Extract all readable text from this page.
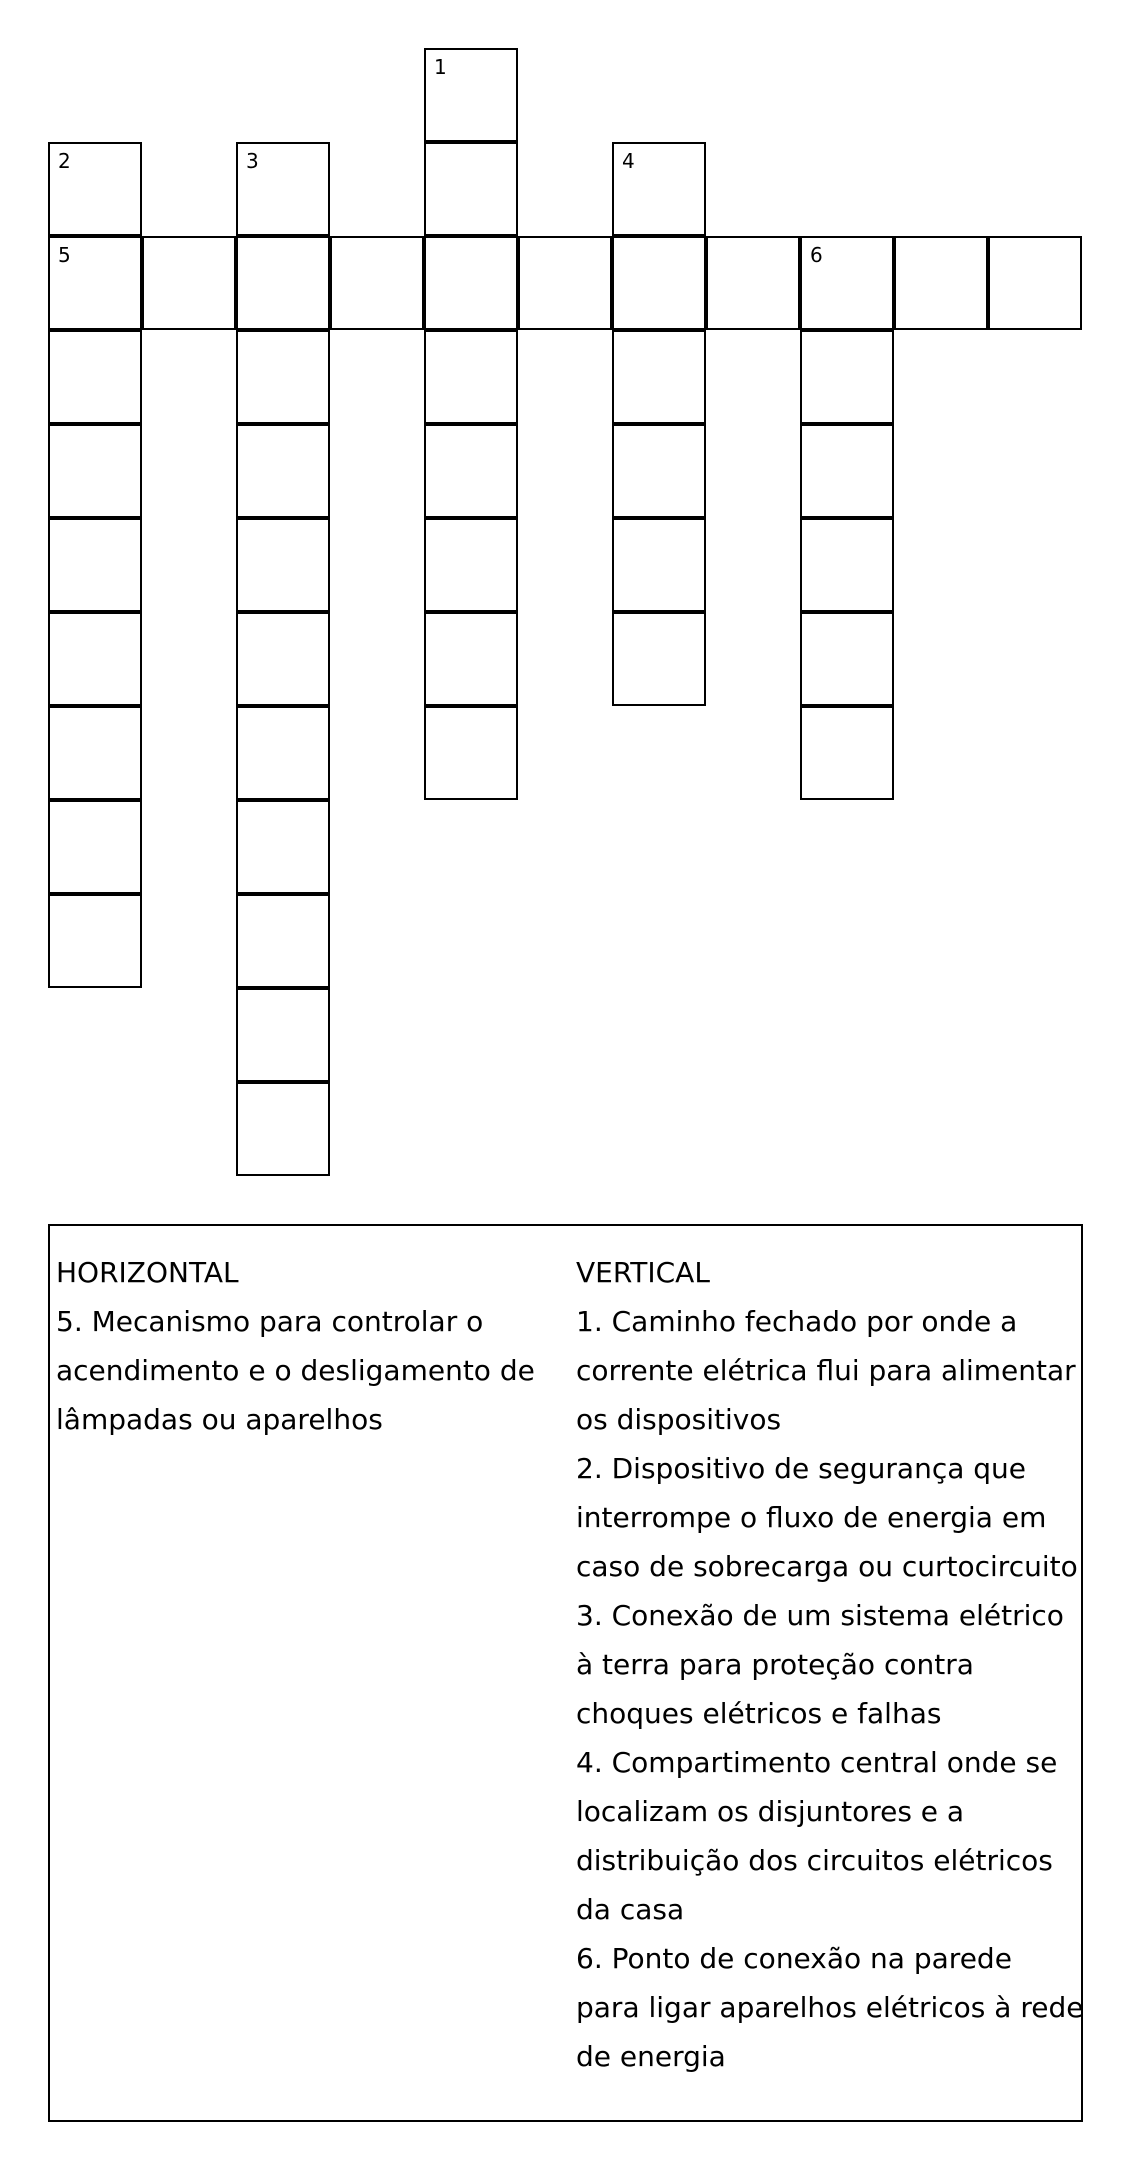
5	6
1
2	3	4
HORIZONTAL
5. Mecanismo para controlar o acendimento e o desligamento de lâmpadas ou aparelhos
VERTICAL
1. Caminho fechado por onde a corrente elétrica flui para alimentar os dispositivos
2. Dispositivo de segurança que interrompe o fluxo de energia em caso de sobrecarga ou curtocircuito
3. Conexão de um sistema elétrico à terra para proteção contra choques elétricos e falhas
4. Compartimento central onde se localizam os disjuntores e a distribuição dos circuitos elétricos da casa
6. Ponto de conexão na parede para ligar aparelhos elétricos à rede de energia
